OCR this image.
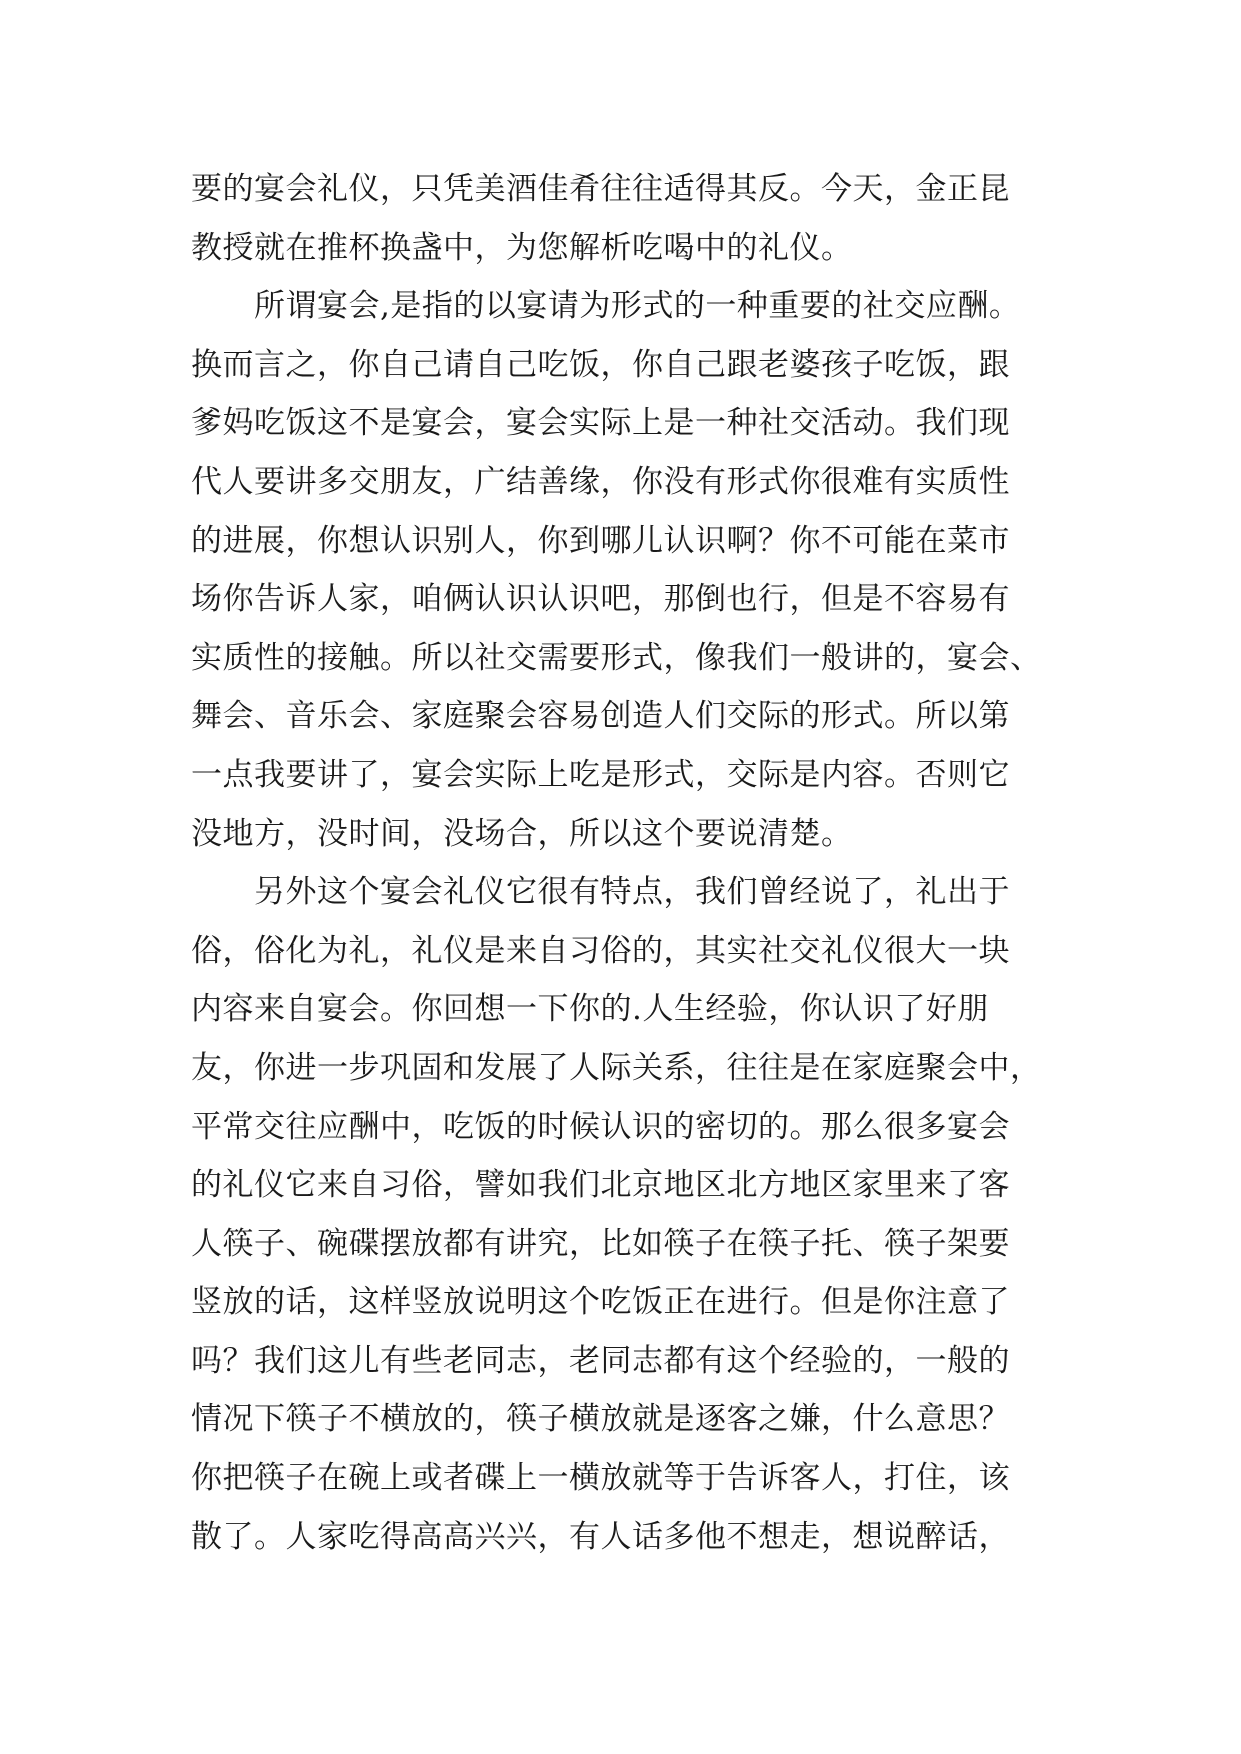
要的宴会礼仪，只凭美酒佳肴往往适得其反。今天，金正昆
教授就在推杯换盏中，为您解析吃喝中的礼仪。
　　所谓宴会,是指的以宴请为形式的一种重要的社交应酬。
换而言之，你自己请自己吃饭，你自己跟老婆孩子吃饭，跟
爹妈吃饭这不是宴会，宴会实际上是一种社交活动。我们现
代人要讲多交朋友，广结善缘，你没有形式你很难有实质性
的进展，你想认识别人，你到哪儿认识啊？你不可能在菜市
场你告诉人家，咱俩认识认识吧，那倒也行，但是不容易有
实质性的接触。所以社交需要形式，像我们一般讲的，宴会、
舞会、音乐会、家庭聚会容易创造人们交际的形式。所以第
一点我要讲了，宴会实际上吃是形式，交际是内容。否则它
没地方，没时间，没场合，所以这个要说清楚。
　　另外这个宴会礼仪它很有特点，我们曾经说了，礼出于
俗，俗化为礼，礼仪是来自习俗的，其实社交礼仪很大一块
内容来自宴会。你回想一下你的.人生经验，你认识了好朋
友，你进一步巩固和发展了人际关系，往往是在家庭聚会中，
平常交往应酬中，吃饭的时候认识的密切的。那么很多宴会
的礼仪它来自习俗，譬如我们北京地区北方地区家里来了客
人筷子、碗碟摆放都有讲究，比如筷子在筷子托、筷子架要
竖放的话，这样竖放说明这个吃饭正在进行。但是你注意了
吗？我们这儿有些老同志，老同志都有这个经验的，一般的
情况下筷子不横放的，筷子横放就是逐客之嫌，什么意思？
你把筷子在碗上或者碟上一横放就等于告诉客人，打住，该
散了。人家吃得高高兴兴，有人话多他不想走，想说醉话，
